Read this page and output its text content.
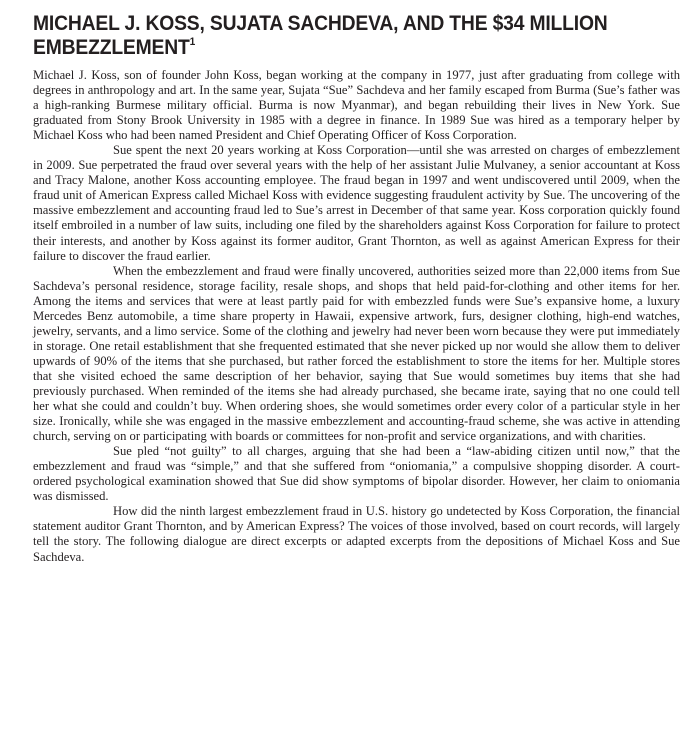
MICHAEL J. KOSS, SUJATA SACHDEVA, AND THE $34 MILLION EMBEZZLEMENT$^1$

Michael J. Koss, son of founder John Koss, began working at the company in 1977, just after graduating from college with degrees in anthropology and art. In the same year, Sujata “Sue” Sachdeva and her family escaped from Burma (Sue’s father was a high-ranking Burmese military official. Burma is now Myanmar), and began rebuilding their lives in New York. Sue graduated from Stony Brook University in 1985 with a degree in finance. In 1989 Sue was hired as a temporary helper by Michael Koss who had been named President and Chief Operating Officer of Koss Corporation.

Sue spent the next 20 years working at Koss Corporation—until she was arrested on charges of embezzlement in 2009. Sue perpetrated the fraud over several years with the help of her assistant Julie Mulvaney, a senior accountant at Koss and Tracy Malone, another Koss accounting employee. The fraud began in 1997 and went undiscovered until 2009, when the fraud unit of American Express called Michael Koss with evidence suggesting fraudulent activity by Sue. The uncovering of the massive embezzlement and accounting fraud led to Sue’s arrest in December of that same year. Koss corporation quickly found itself embroiled in a number of law suits, including one filed by the shareholders against Koss Corporation for failure to protect their interests, and another by Koss against its former auditor, Grant Thornton, as well as against American Express for their failure to discover the fraud earlier.

When the embezzlement and fraud were finally uncovered, authorities seized more than 22,000 items from Sue Sachdeva’s personal residence, storage facility, resale shops, and shops that held paid-for-clothing and other items for her. Among the items and services that were at least partly paid for with embezzled funds were Sue’s expansive home, a luxury Mercedes Benz automobile, a time share property in Hawaii, expensive artwork, furs, designer clothing, high-end watches, jewelry, servants, and a limo service. Some of the clothing and jewelry had never been worn because they were put immediately in storage. One retail establishment that she frequented estimated that she never picked up nor would she allow them to deliver upwards of 90% of the items that she purchased, but rather forced the establishment to store the items for her. Multiple stores that she visited echoed the same description of her behavior, saying that Sue would sometimes buy items that she had previously purchased. When reminded of the items she had already purchased, she became irate, saying that no one could tell her what she could and couldn’t buy. When ordering shoes, she would sometimes order every color of a particular style in her size. Ironically, while she was engaged in the massive embezzlement and accounting-fraud scheme, she was active in attending church, serving on or participating with boards or committees for non-profit and service organizations, and with charities.

Sue pled “not guilty” to all charges, arguing that she had been a “law-abiding citizen until now,” that the embezzlement and fraud was “simple,” and that she suffered from “oniomania,” a compulsive shopping disorder. A court-ordered psychological examination showed that Sue did show symptoms of bipolar disorder. However, her claim to oniomania was dismissed.

How did the ninth largest embezzlement fraud in U.S. history go undetected by Koss Corporation, the financial statement auditor Grant Thornton, and by American Express? The voices of those involved, based on court records, will largely tell the story. The following dialogue are direct excerpts or adapted excerpts from the depositions of Michael Koss and Sue Sachdeva.
